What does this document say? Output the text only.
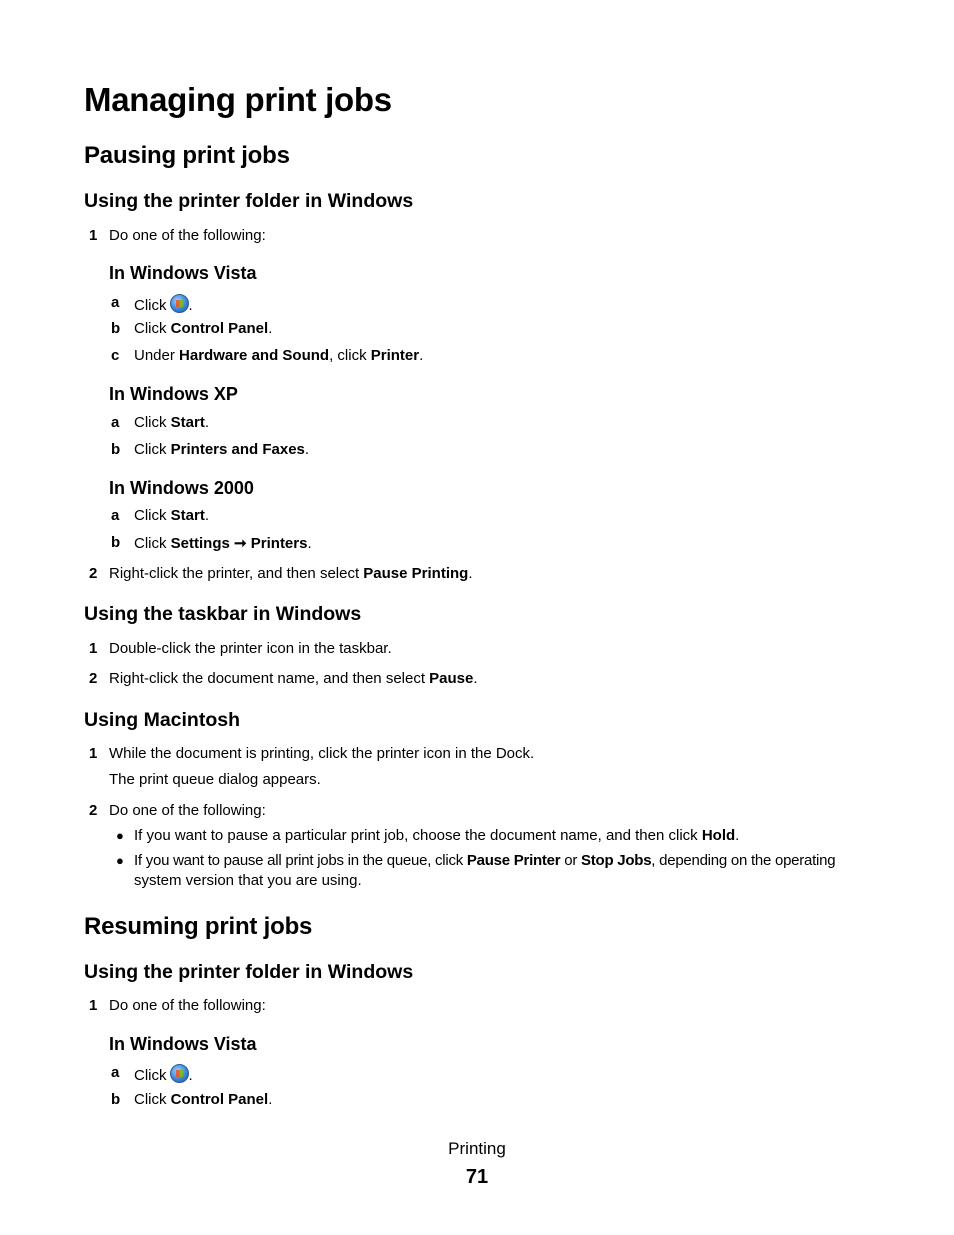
Managing print jobs
Pausing print jobs
Using the printer folder in Windows
1 Do one of the following:
In Windows Vista
a Click .
b Click Control Panel.
c Under Hardware and Sound, click Printer.
In Windows XP
a Click Start.
b Click Printers and Faxes.
In Windows 2000
a Click Start.
b Click Settings ➞ Printers.
2 Right-click the printer, and then select Pause Printing.
Using the taskbar in Windows
1 Double-click the printer icon in the taskbar.
2 Right-click the document name, and then select Pause.
Using Macintosh
1 While the document is printing, click the printer icon in the Dock.
The print queue dialog appears.
2 Do one of the following:
● If you want to pause a particular print job, choose the document name, and then click Hold.
● If you want to pause all print jobs in the queue, click Pause Printer or Stop Jobs, depending on the operating
system version that you are using.
Resuming print jobs
Using the printer folder in Windows
1 Do one of the following:
In Windows Vista
a Click .
b Click Control Panel.
Printing
71
